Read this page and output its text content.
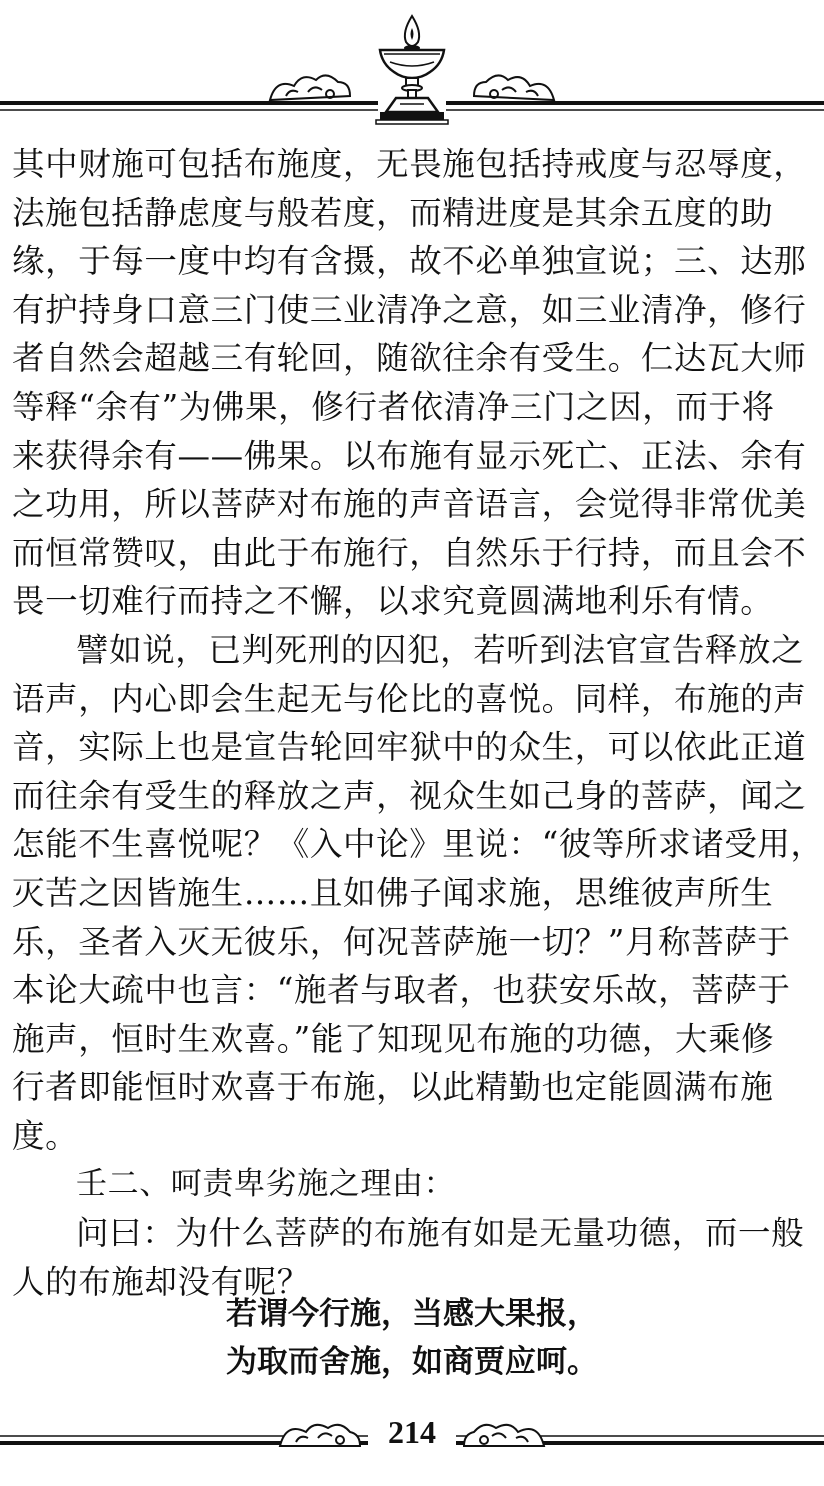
其中财施可包括布施度，无畏施包括持戒度与忍辱度，
法施包括静虑度与般若度，而精进度是其余五度的助
缘，于每一度中均有含摄，故不必单独宣说；三、达那
有护持身口意三门使三业清净之意，如三业清净，修行
者自然会超越三有轮回，随欲往余有受生。仁达瓦大师
等释“余有”为佛果，修行者依清净三门之因，而于将
来获得余有——佛果。以布施有显示死亡、正法、余有
之功用，所以菩萨对布施的声音语言，会觉得非常优美
而恒常赞叹，由此于布施行，自然乐于行持，而且会不
畏一切难行而持之不懈，以求究竟圆满地利乐有情。
譬如说，已判死刑的囚犯，若听到法官宣告释放之
语声，内心即会生起无与伦比的喜悦。同样，布施的声
音，实际上也是宣告轮回牢狱中的众生，可以依此正道
而往余有受生的释放之声，视众生如己身的菩萨，闻之
怎能不生喜悦呢？《入中论》里说：“彼等所求诸受用，
灭苦之因皆施生……且如佛子闻求施，思维彼声所生
乐，圣者入灭无彼乐，何况菩萨施一切？”月称菩萨于
本论大疏中也言：“施者与取者，也获安乐故，菩萨于
施声，恒时生欢喜。”能了知现见布施的功德，大乘修
行者即能恒时欢喜于布施，以此精勤也定能圆满布施
度。
壬二、呵责卑劣施之理由：
问曰：为什么菩萨的布施有如是无量功德，而一般
人的布施却没有呢？
若谓今行施，当感大果报，
为取而舍施，如商贾应呵。
214
